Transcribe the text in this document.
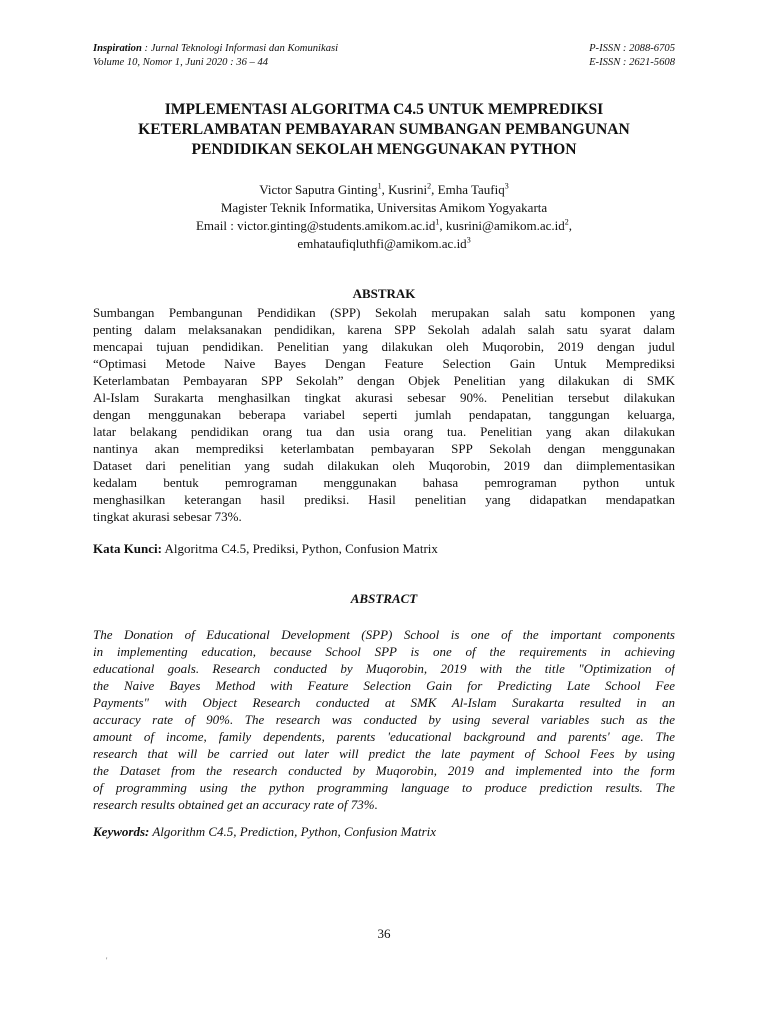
Inspiration : Jurnal Teknologi Informasi dan Komunikasi	P-ISSN : 2088-6705
Volume 10, Nomor 1, Juni 2020 : 36 – 44	E-ISSN : 2621-5608
IMPLEMENTASI ALGORITMA C4.5 UNTUK MEMPREDIKSI
KETERLAMBATAN PEMBAYARAN SUMBANGAN PEMBANGUNAN
PENDIDIKAN SEKOLAH MENGGUNAKAN PYTHON
Victor Saputra Ginting$^1$, Kusrini$^2$, Emha Taufiq$^3$
Magister Teknik Informatika, Universitas Amikom Yogyakarta
Email : $victor.ginting@students.amikom.ac.id^1$, $kusrini@amikom.ac.id^2$,
$emhataufiqluthfi@amikom.ac.id^3$
ABSTRAK
Sumbangan Pembangunan Pendidikan (SPP) Sekolah merupakan salah satu komponen yang
penting dalam melaksanakan pendidikan, karena SPP Sekolah adalah salah satu syarat dalam
mencapai tujuan pendidikan. Penelitian yang dilakukan oleh Muqorobin, 2019 dengan judul
“Optimasi Metode Naive Bayes Dengan Feature Selection Gain Untuk Memprediksi
Keterlambatan Pembayaran SPP Sekolah” dengan Objek Penelitian yang dilakukan di SMK
Al-Islam Surakarta menghasilkan tingkat akurasi sebesar 90%. Penelitian tersebut dilakukan
dengan menggunakan beberapa variabel seperti jumlah pendapatan, tanggungan keluarga,
latar belakang pendidikan orang tua dan usia orang tua. Penelitian yang akan dilakukan
nantinya akan memprediksi keterlambatan pembayaran SPP Sekolah dengan menggunakan
Dataset dari penelitian yang sudah dilakukan oleh Muqorobin, 2019 dan diimplementasikan
kedalam bentuk pemrograman menggunakan bahasa pemrograman python untuk
menghasilkan keterangan hasil prediksi. Hasil penelitian yang didapatkan mendapatkan
tingkat akurasi sebesar 73%.
Kata Kunci: Algoritma C4.5, Prediksi, Python, Confusion Matrix
ABSTRACT
The Donation of Educational Development (SPP) School is one of the important components
in implementing education, because School SPP is one of the requirements in achieving
educational goals. Research conducted by Muqorobin, 2019 with the title "Optimization of
the Naive Bayes Method with Feature Selection Gain for Predicting Late School Fee
Payments" with Object Research conducted at SMK Al-Islam Surakarta resulted in an
accuracy rate of 90%. The research was conducted by using several variables such as the
amount of income, family dependents, parents 'educational background and parents' age. The
research that will be carried out later will predict the late payment of School Fees by using
the Dataset from the research conducted by Muqorobin, 2019 and implemented into the form
of programming using the python programming language to produce prediction results. The
research results obtained get an accuracy rate of 73%.
Keywords: Algorithm C4.5, Prediction, Python, Confusion Matrix
36
'
